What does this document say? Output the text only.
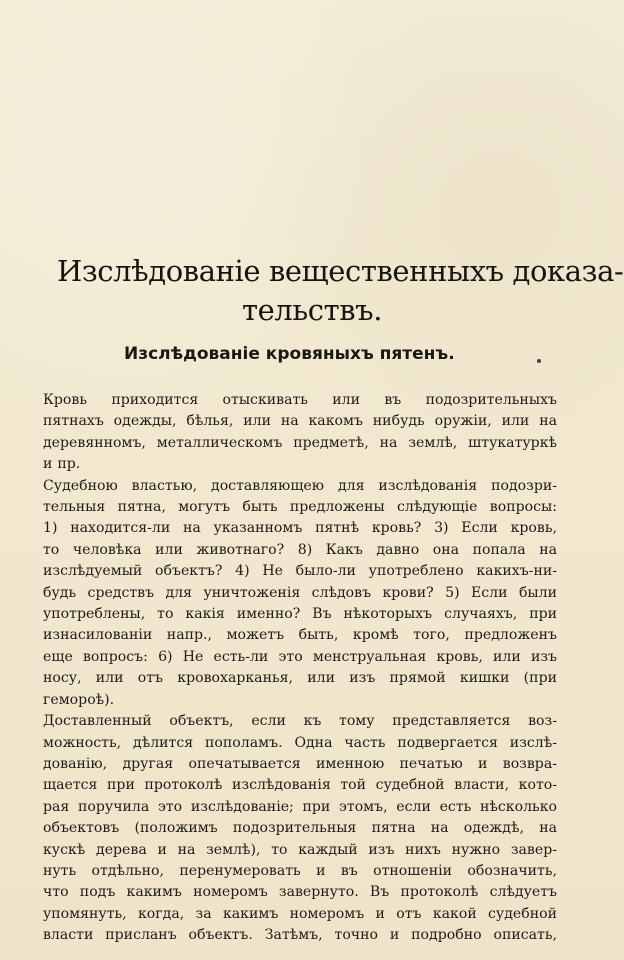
Изслѣдованіе вещественныхъ доказа-
тельствъ.
Изслѣдованіе кровяныхъ пятенъ.
Кровь приходится отыскивать или въ подозрительныхъ
пятнахъ одежды, бѣлья, или на какомъ нибудь оружіи, или на
деревянномъ, металлическомъ предметѣ, на землѣ, штукатуркѣ
и пр.
Судебною властью, доставляющею для изслѣдованія подозри-
тельныя пятна, могутъ быть предложены слѣдующіе вопросы:
1) находится-ли на указанномъ пятнѣ кровь? 3) Если кровь,
то человѣка или животнаго? 8) Какъ давно она попала на
изслѣдуемый объектъ? 4) Не было-ли употреблено какихъ-ни-
будь средствъ для уничтоженія слѣдовъ крови? 5) Если были
употреблены, то какія именно? Въ нѣкоторыхъ случаяхъ, при
изнасилованіи напр., можетъ быть, кромѣ того, предложенъ
еще вопросъ: 6) Не есть-ли это менструальная кровь, или изъ
носу, или отъ кровохарканья, или изъ прямой кишки (при
гемороѣ).
Доставленный объектъ, если къ тому представляется воз-
можность, дѣлится пополамъ. Одна часть подвергается изслѣ-
дованію, другая опечатывается именною печатью и возвра-
щается при протоколѣ изслѣдованія той судебной власти, кото-
рая поручила это изслѣдованіе; при этомъ, если есть нѣсколько
объектовъ (положимъ подозрительныя пятна на одеждѣ, на
кускѣ дерева и на землѣ), то каждый изъ нихъ нужно завер-
нуть отдѣльно, перенумеровать и въ отношеніи обозначить,
что подъ какимъ номеромъ завернуто. Въ протоколѣ слѣдуетъ
упомянуть, когда, за какимъ номеромъ и отъ какой судебной
власти присланъ объектъ. Затѣмъ, точно и подробно описать,
